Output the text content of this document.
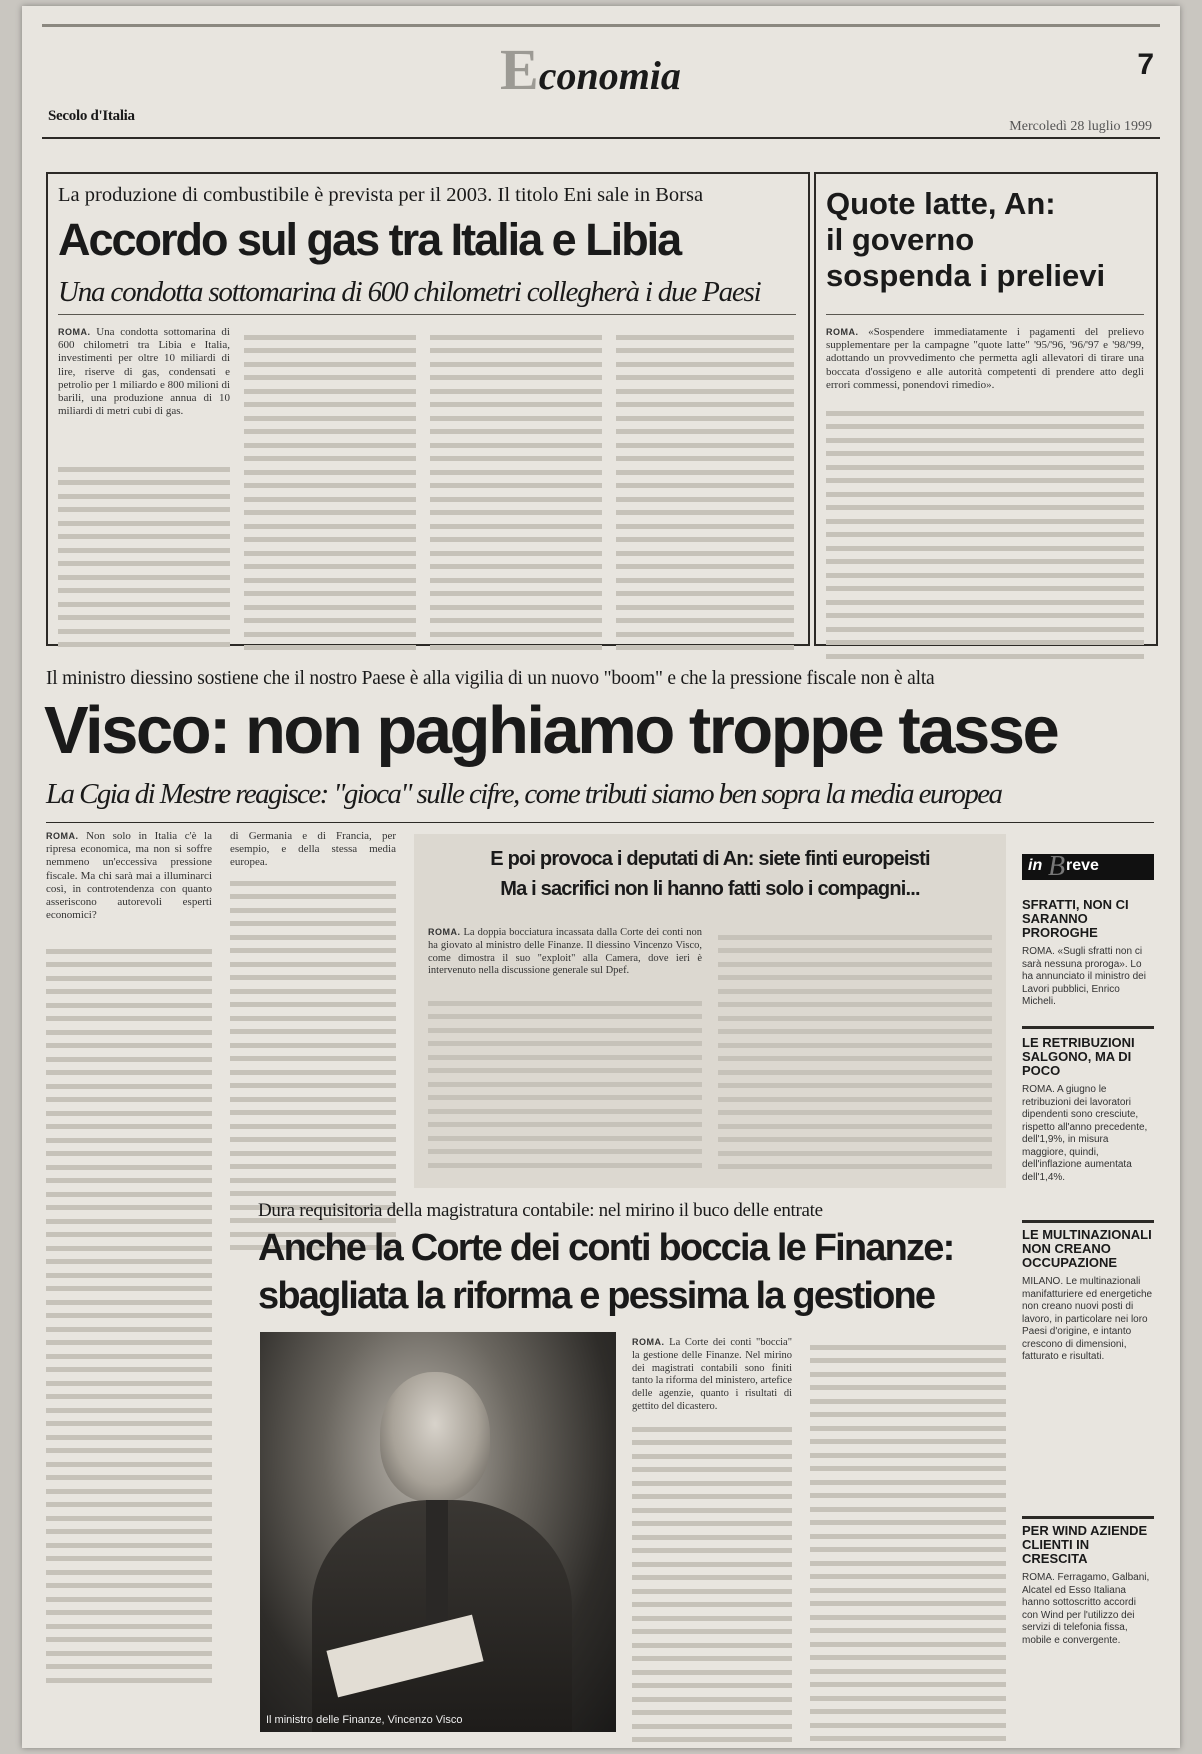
Economia	7
Secolo d'Italia
Mercoledì 28 luglio 1999
La produzione di combustibile è prevista per il 2003. Il titolo Eni sale in Borsa
Accordo sul gas tra Italia e Libia
Una condotta sottomarina di 600 chilometri collegherà i due Paesi
ROMA. Una condotta sottomarina di 600 chilometri tra Libia e Italia, investimenti per oltre 10 miliardi di lire, riserve di gas, condensati e petrolio per 1 miliardo e 800 milioni di barili, una produzione annua di 10 miliardi di metri cubi di gas.
Quote latte, An:
il governo
sospenda i prelievi
ROMA. «Sospendere immediatamente i pagamenti del prelievo supplementare per la campagne "quote latte" '95/'96, '96/'97 e '98/'99, adottando un provvedimento che permetta agli allevatori di tirare una boccata d'ossigeno e alle autorità competenti di prendere atto degli errori commessi, ponendovi rimedio».
Il ministro diessino sostiene che il nostro Paese è alla vigilia di un nuovo "boom" e che la pressione fiscale non è alta
Visco: non paghiamo troppe tasse
La Cgia di Mestre reagisce: "gioca" sulle cifre, come tributi siamo ben sopra la media europea
ROMA. Non solo in Italia c'è la ripresa economica, ma non si soffre nemmeno un'eccessiva pressione fiscale. Ma chi sarà mai a illuminarci così, in controtendenza con quanto asseriscono autorevoli esperti economici?
di Germania e di Francia, per esempio, e della stessa media europea.	E poi provoca i deputati di An: siete finti europeisti
Ma i sacrifici non li hanno fatti solo i compagni...
ROMA. La doppia bocciatura incassata dalla Corte dei conti non ha giovato al ministro delle Finanze. Il diessino Vincenzo Visco, come dimostra il suo "exploit" alla Camera, dove ieri è intervenuto nella discussione generale sul Dpef.
in B reve
SFRATTI, NON CI SARANNO PROROGHE
ROMA. «Sugli sfratti non ci sarà nessuna proroga». Lo ha annunciato il ministro dei Lavori pubblici, Enrico Micheli.
LE RETRIBUZIONI SALGONO, MA DI POCO
ROMA. A giugno le retribuzioni dei lavoratori dipendenti sono cresciute, rispetto all'anno precedente, dell'1,9%, in misura maggiore, quindi, dell'inflazione aumentata dell'1,4%.
LE MULTINAZIONALI NON CREANO OCCUPAZIONE
MILANO. Le multinazionali manifatturiere ed energetiche non creano nuovi posti di lavoro, in particolare nei loro Paesi d'origine, e intanto crescono di dimensioni, fatturato e risultati.
PER WIND AZIENDE CLIENTI IN CRESCITA
ROMA. Ferragamo, Galbani, Alcatel ed Esso Italiana hanno sottoscritto accordi con Wind per l'utilizzo dei servizi di telefonia fissa, mobile e convergente.
Dura requisitoria della magistratura contabile: nel mirino il buco delle entrate
Anche la Corte dei conti boccia le Finanze:
sbagliata la riforma e pessima la gestione
Il ministro delle Finanze, Vincenzo Visco
ROMA. La Corte dei conti "boccia" la gestione delle Finanze. Nel mirino dei magistrati contabili sono finiti tanto la riforma del ministero, artefice delle agenzie, quanto i risultati di gettito del dicastero.
